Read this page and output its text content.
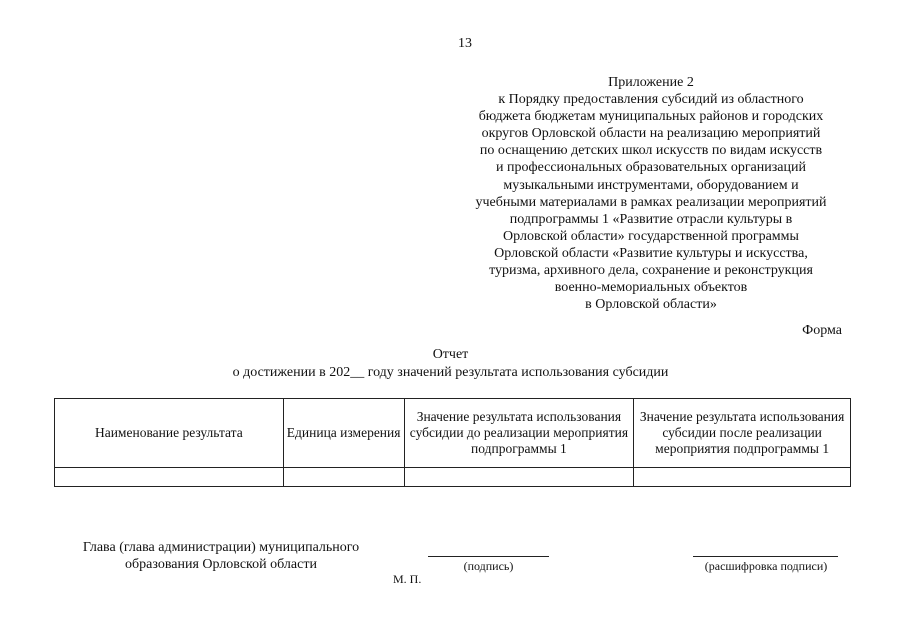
13
Приложение 2
к Порядку предоставления субсидий из областного
бюджета бюджетам муниципальных районов и городских
округов Орловской области на реализацию мероприятий
по оснащению детских школ искусств по видам искусств
и профессиональных образовательных организаций
музыкальными инструментами, оборудованием и
учебными материалами в рамках реализации мероприятий
подпрограммы 1 «Развитие отрасли культуры в
Орловской области» государственной программы
Орловской области «Развитие культуры и искусства,
туризма, архивного дела, сохранение и реконструкция
военно-мемориальных объектов
в Орловской области»
Форма
Отчет
о достижении в 202__ году значений результата использования субсидии
Наименование результата	Единица измерения	Значение результата использования субсидии до реализации мероприятия подпрограммы 1	Значение результата использования субсидии после реализации мероприятия подпрограммы 1

Глава (глава администрации) муниципального
образования Орловской области	(подпись)	(расшифровка подписи)
М. П.
